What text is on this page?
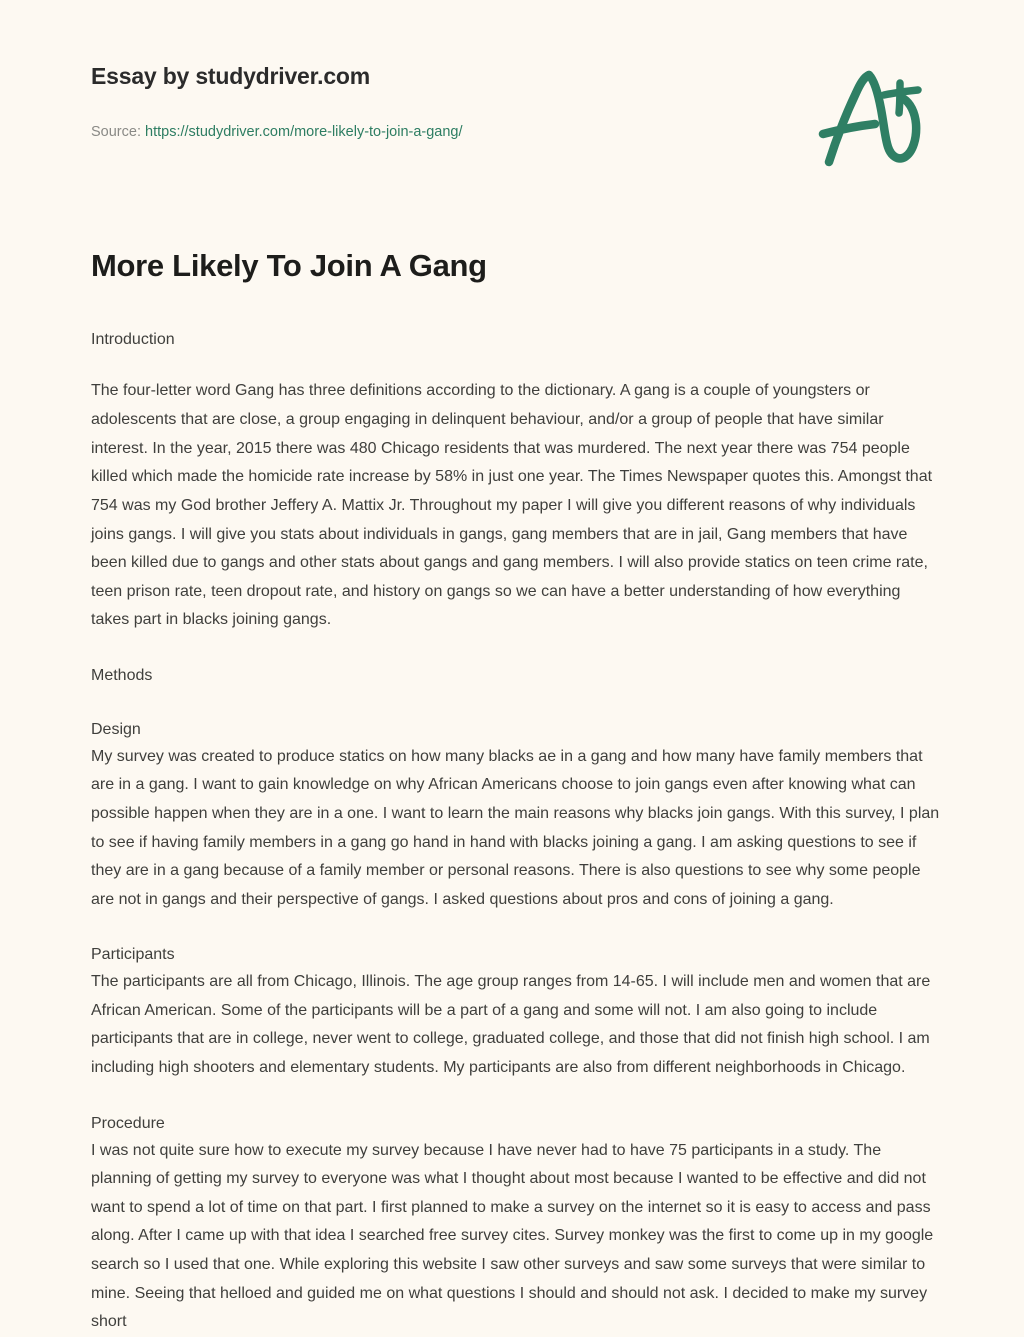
Essay by studydriver.com
Source: https://studydriver.com/more-likely-to-join-a-gang/
More Likely To Join A Gang

Introduction

The four-letter word Gang has three definitions according to the dictionary. A gang is a couple of youngsters or adolescents that are close, a group engaging in delinquent behaviour, and/or a group of people that have similar interest. In the year, 2015 there was 480 Chicago residents that was murdered. The next year there was 754 people killed which made the homicide rate increase by 58% in just one year. The Times Newspaper quotes this. Amongst that 754 was my God brother Jeffery A. Mattix Jr. Throughout my paper I will give you different reasons of why individuals joins gangs. I will give you stats about individuals in gangs, gang members that are in jail, Gang members that have been killed due to gangs and other stats about gangs and gang members. I will also provide statics on teen crime rate, teen prison rate, teen dropout rate, and history on gangs so we can have a better understanding of how everything takes part in blacks joining gangs.

Methods

Design

My survey was created to produce statics on how many blacks ae in a gang and how many have family members that are in a gang. I want to gain knowledge on why African Americans choose to join gangs even after knowing what can possible happen when they are in a one. I want to learn the main reasons why blacks join gangs. With this survey, I plan to see if having family members in a gang go hand in hand with blacks joining a gang. I am asking questions to see if they are in a gang because of a family member or personal reasons. There is also questions to see why some people are not in gangs and their perspective of gangs. I asked questions about pros and cons of joining a gang.

Participants

The participants are all from Chicago, Illinois. The age group ranges from 14-65. I will include men and women that are African American. Some of the participants will be a part of a gang and some will not. I am also going to include participants that are in college, never went to college, graduated college, and those that did not finish high school. I am including high shooters and elementary students. My participants are also from different neighborhoods in Chicago.

Procedure

I was not quite sure how to execute my survey because I have never had to have 75 participants in a study. The planning of getting my survey to everyone was what I thought about most because I wanted to be effective and did not want to spend a lot of time on that part. I first planned to make a survey on the internet so it is easy to access and pass along. After I came up with that idea I searched free survey cites. Survey monkey was the first to come up in my google search so I used that one. While exploring this website I saw other surveys and saw some surveys that were similar to mine. Seeing that helloed and guided me on what questions I should and should not ask. I decided to make my survey short
